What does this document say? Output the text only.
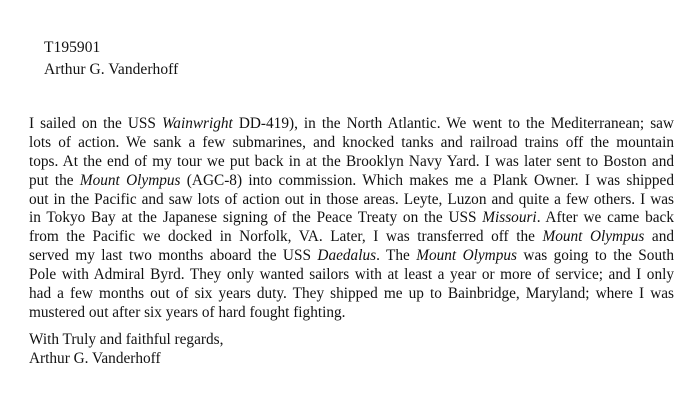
T195901
Arthur G. Vanderhoff
I sailed on the USS Wainwright DD-419), in the North Atlantic. We went to the Mediterranean; saw
lots of action. We sank a few submarines, and knocked tanks and railroad trains off the mountain
tops. At the end of my tour we put back in at the Brooklyn Navy Yard. I was later sent to Boston and
put the Mount Olympus (AGC-8) into commission. Which makes me a Plank Owner. I was shipped
out in the Pacific and saw lots of action out in those areas. Leyte, Luzon and quite a few others. I was
in Tokyo Bay at the Japanese signing of the Peace Treaty on the USS Missouri. After we came back
from the Pacific we docked in Norfolk, VA. Later, I was transferred off the Mount Olympus and
served my last two months aboard the USS Daedalus. The Mount Olympus was going to the South
Pole with Admiral Byrd. They only wanted sailors with at least a year or more of service; and I only
had a few months out of six years duty. They shipped me up to Bainbridge, Maryland; where I was
mustered out after six years of hard fought fighting.
With Truly and faithful regards,
Arthur G. Vanderhoff
